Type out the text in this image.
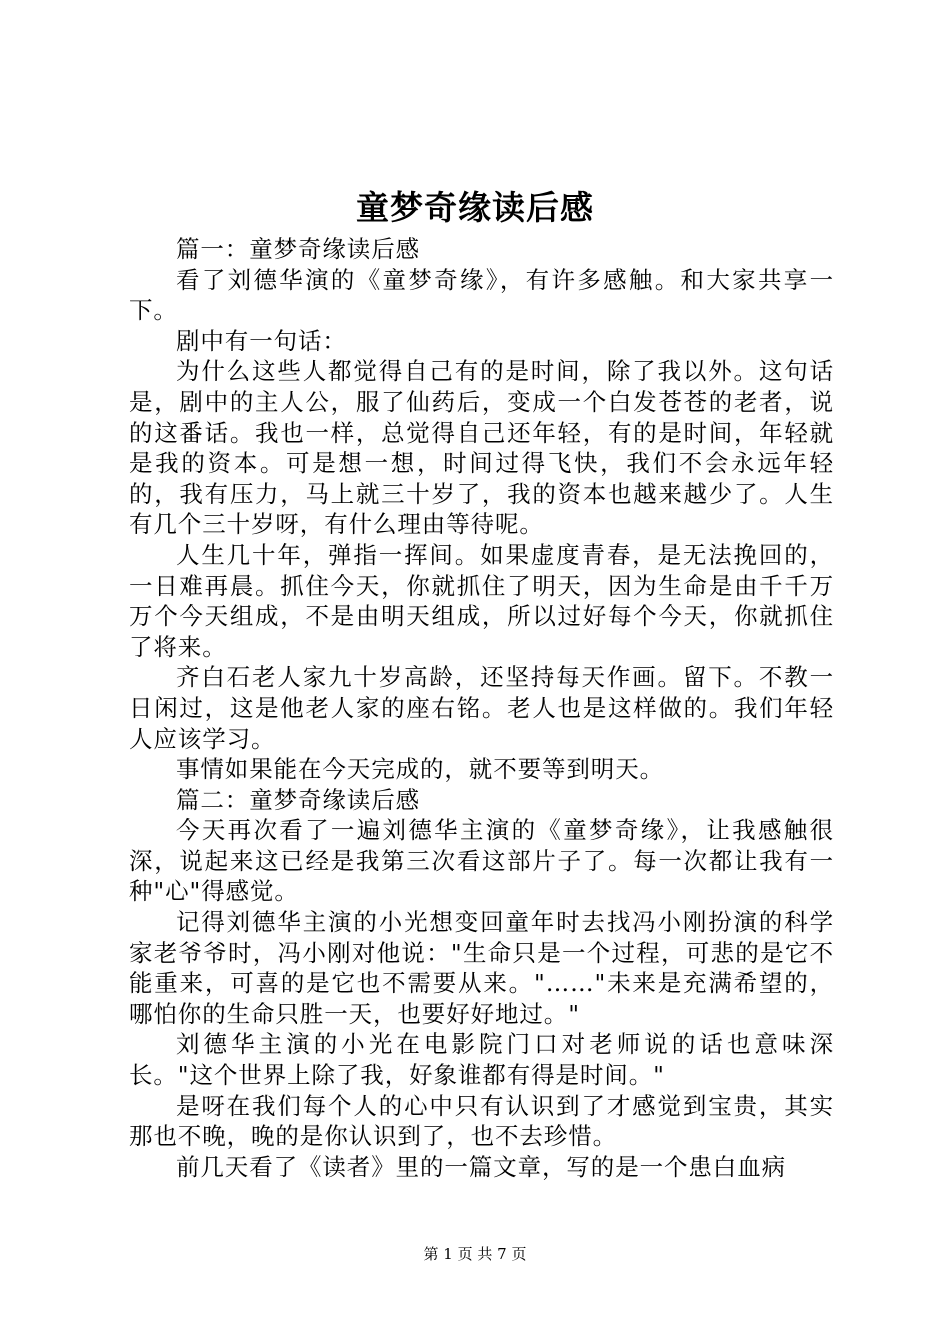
童梦奇缘读后感

篇一：童梦奇缘读后感

看了刘德华演的《童梦奇缘》，有许多感触。和大家共享一下。

剧中有一句话：

为什么这些人都觉得自己有的是时间，除了我以外。这句话是，剧中的主人公，服了仙药后，变成一个白发苍苍的老者，说的这番话。我也一样，总觉得自己还年轻，有的是时间，年轻就是我的资本。可是想一想，时间过得飞快，我们不会永远年轻的，我有压力，马上就三十岁了，我的资本也越来越少了。人生有几个三十岁呀，有什么理由等待呢。

人生几十年，弹指一挥间。如果虚度青春，是无法挽回的，一日难再晨。抓住今天，你就抓住了明天，因为生命是由千千万万个今天组成，不是由明天组成，所以过好每个今天，你就抓住了将来。

齐白石老人家九十岁高龄，还坚持每天作画。留下。不教一日闲过，这是他老人家的座右铭。老人也是这样做的。我们年轻人应该学习。

事情如果能在今天完成的，就不要等到明天。

篇二：童梦奇缘读后感

今天再次看了一遍刘德华主演的《童梦奇缘》，让我感触很深，说起来这已经是我第三次看这部片子了。每一次都让我有一种"心"得感觉。

记得刘德华主演的小光想变回童年时去找冯小刚扮演的科学家老爷爷时，冯小刚对他说："生命只是一个过程，可悲的是它不能重来，可喜的是它也不需要从来。"……"未来是充满希望的，哪怕你的生命只胜一天，也要好好地过。"

刘德华主演的小光在电影院门口对老师说的话也意味深长。"这个世界上除了我，好象谁都有得是时间。"

是呀在我们每个人的心中只有认识到了才感觉到宝贵，其实那也不晚，晚的是你认识到了，也不去珍惜。

前几天看了《读者》里的一篇文章，写的是一个患白血病

第 1 页 共 7 页
